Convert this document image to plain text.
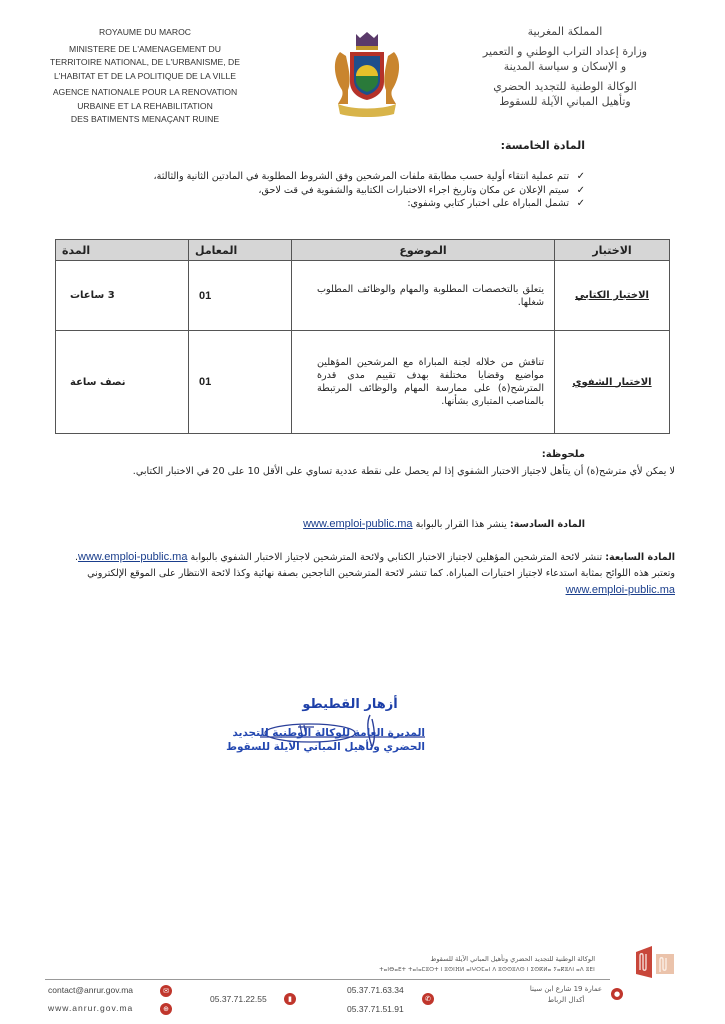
ROYAUME DU MAROC
MINISTERE DE L'AMENAGEMENT DU
TERRITOIRE NATIONAL, DE L'URBANISME, DE
L'HABITAT ET DE LA POLITIQUE DE LA VILLE
AGENCE NATIONALE POUR LA RENOVATION
URBAINE ET LA REHABILITATION
DES BATIMENTS MENAÇANT RUINE
المملكة المغربية
وزارة إعداد التراب الوطني و التعمير
و الإسكان و سياسة المدينة
الوكالة الوطنية للتجديد الحضري
وتأهيل المباني الآيلة للسقوط
المادة الخامسة:
✓
تتم عملية انتقاء أولية حسب مطابقة ملفات المرشحين وفق الشروط المطلوبة في المادتين الثانية والثالثة،
✓
سيتم الإعلان عن مكان وتاريخ اجراء الاختبارات الكتابية والشفوية في قت لاحق،
✓
تشمل المباراة على اختبار كتابي وشفوي:
الاختبار	الموضوع	المعامل	المدة
الاختبار الكتابي	يتعلق بالتخصصات المطلوبة والمهام والوظائف المطلوب شغلها.	01	3 ساعات
الاختبار الشفوي	تناقش من خلاله لجنة المباراة مع المرشحين المؤهلين مواضيع وقضايا مختلفة بهدف تقييم مدى قدرة المترشح(ة) على ممارسة المهام والوظائف المرتبطة بالمناصب المتبارى بشأنها.	01	نصف ساعة
ملحوظة:
لا يمكن لأي مترشح(ة) أن يتأهل لاجتياز الاختبار الشفوي إذا لم يحصل على نقطة عددية تساوي على الأقل 10 على 20 في الاختبار الكتابي.
المادة السادسة: ينشر هذا القرار بالبوابة www.emploi-public.ma
المادة السابعة: تنشر لائحة المترشحين المؤهلين لاجتياز الاختبار الكتابي ولائحة المترشحين لاجتياز الاختبار الشفوي بالبوابة www.emploi-public.ma. وتعتبر هذه اللوائح بمثابة استدعاء لاجتياز اختبارات المباراة. كما تنشر لائحة المترشحين الناجحين بصفة نهائية وكذا لائحة الانتظار على الموقع الإلكتروني www.emploi-public.ma
أزهار القطيطو
المديرة العامة للوكالة الوطنية للتجديد
الحضري وتأهيل المباني الآيلة للسقوط
الوكالة الوطنية للتجديد الحضري وتأهيل المباني الآيلة للسقوط
ⵜⴰⵏⴱⴰⴹⵜ ⵜⴰⵏⴰⵎⵓⵔⵜ ⵏ ⵓⵙⵏⴼⵍ ⴰⵏⵖⵔⵎⴰⵏ ⴷ ⵓⵙⵙⵓⴷⵙ ⵏ ⵉⵙⴽⵍⴰ ⵢⴰⴽⵓⴷⵏ ⴰⴷ ⵓⴹⵏ
contact@anrur.gov.ma	✉
www.anrur.gov.ma	⊕
05.37.71.22.55	▮
05.37.71.63.34
05.37.71.51.91
✆
عمارة 19 شارع ابن سينا
أكدال الرباط
●
